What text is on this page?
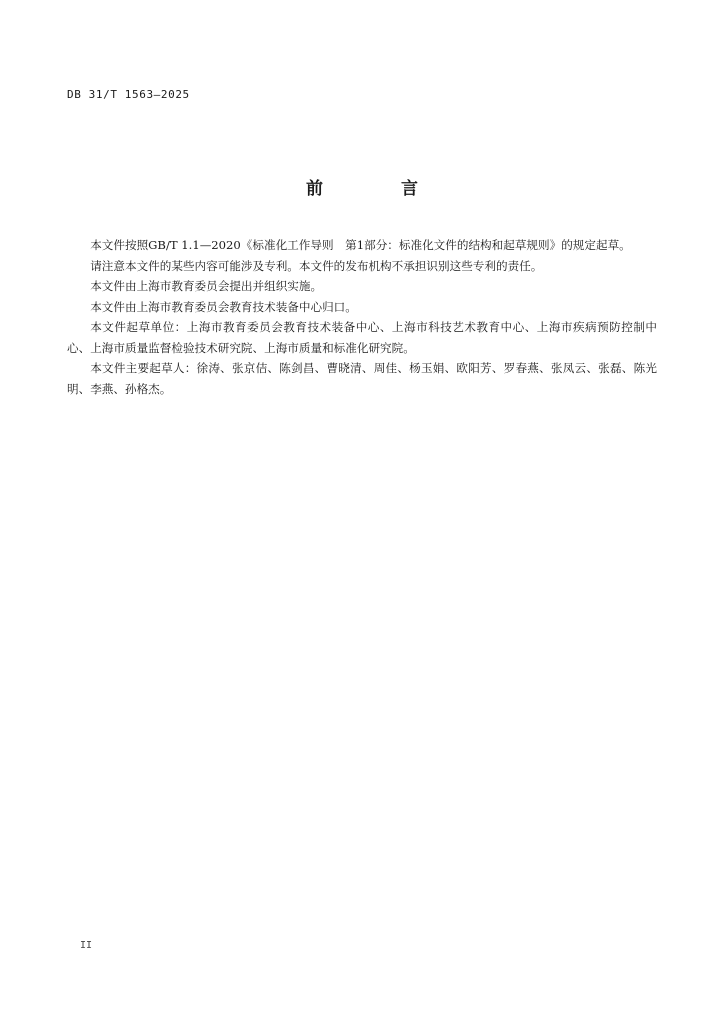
DB 31/T 1563—2025
前 言

本文件按照GB/T 1.1—2020《标准化工作导则　第1部分：标准化文件的结构和起草规则》的规定起草。

请注意本文件的某些内容可能涉及专利。本文件的发布机构不承担识别这些专利的责任。

本文件由上海市教育委员会提出并组织实施。

本文件由上海市教育委员会教育技术装备中心归口。

本文件起草单位：上海市教育委员会教育技术装备中心、上海市科技艺术教育中心、上海市疾病预防控制中心、上海市质量监督检验技术研究院、上海市质量和标准化研究院。

本文件主要起草人：徐涛、张京佶、陈剑昌、曹晓清、周佳、杨玉娟、欧阳芳、罗春燕、张凤云、张磊、陈光明、李燕、孙格杰。

II
